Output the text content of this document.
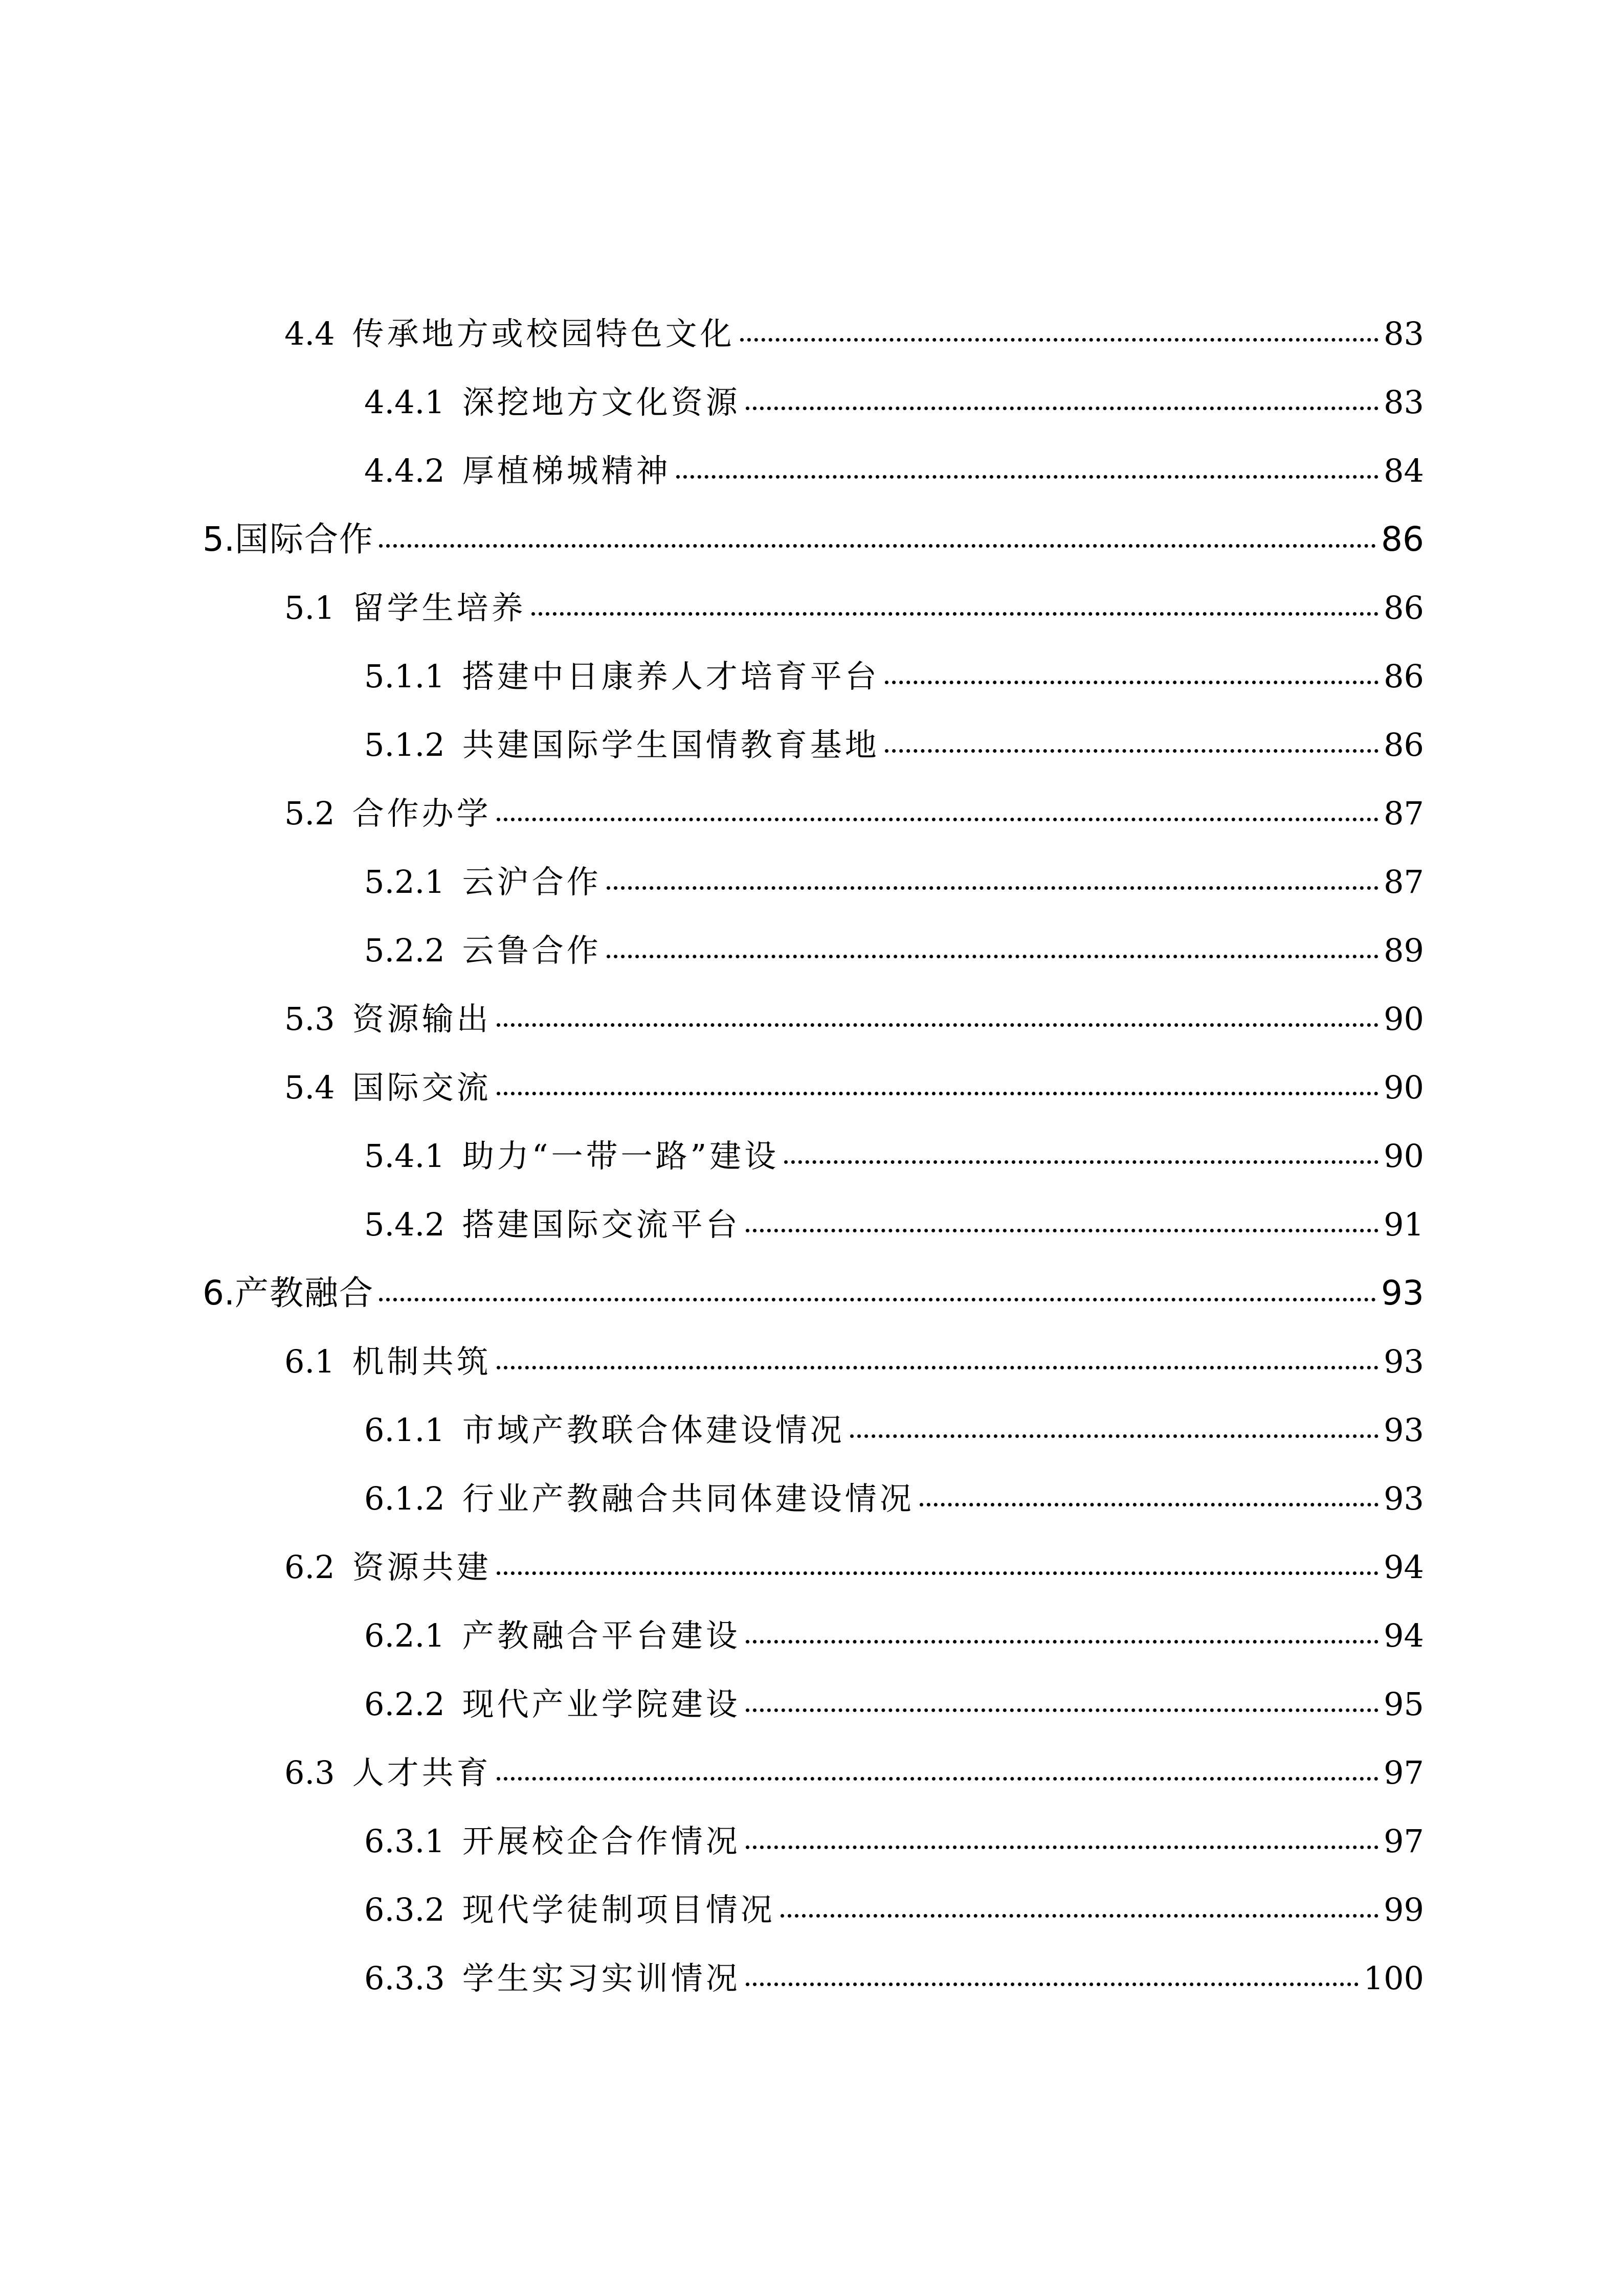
4.4 传承地方或校园特色文化	83
4.4.1 深挖地方文化资源	83
4.4.2 厚植梯城精神	84
5. 国际合作	86
5.1 留学生培养	86
5.1.1 搭建中日康养人才培育平台	86
5.1.2 共建国际学生国情教育基地	86
5.2 合作办学	87
5.2.1 云沪合作	87
5.2.2 云鲁合作	89
5.3 资源输出	90
5.4 国际交流	90
5.4.1 助力“一带一路”建设	90
5.4.2 搭建国际交流平台	91
6. 产教融合	93
6.1 机制共筑	93
6.1.1 市域产教联合体建设情况	93
6.1.2 行业产教融合共同体建设情况	93
6.2 资源共建	94
6.2.1 产教融合平台建设	94
6.2.2 现代产业学院建设	95
6.3 人才共育	97
6.3.1 开展校企合作情况	97
6.3.2 现代学徒制项目情况	99
6.3.3 学生实习实训情况	100
